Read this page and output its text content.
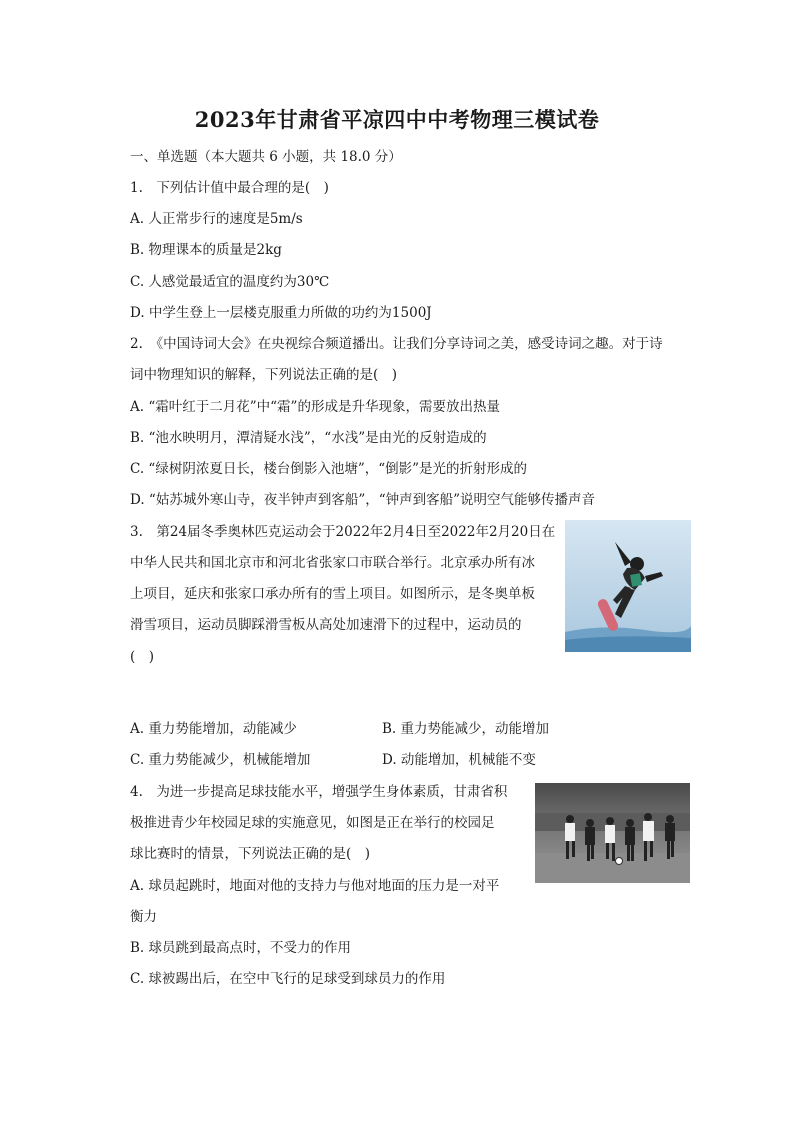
2023年甘肃省平凉四中中考物理三模试卷
一、单选题（本大题共 6 小题，共 18.0 分）
1.　下列估计值中最合理的是(　)
A. 人正常步行的速度是5m/s
B. 物理课本的质量是2kg
C. 人感觉最适宜的温度约为30℃
D. 中学生登上一层楼克服重力所做的功约为1500J
2.　《中国诗词大会》在央视综合频道播出。让我们分享诗词之美，感受诗词之趣。对于诗
词中物理知识的解释，下列说法正确的是(　)
A. “霜叶红于二月花”中“霜”的形成是升华现象，需要放出热量
B. “池水映明月，潭清疑水浅”，“水浅”是由光的反射造成的
C. “绿树阴浓夏日长，楼台倒影入池塘”，“倒影”是光的折射形成的
D. “姑苏城外寒山寺，夜半钟声到客船”，“钟声到客船”说明空气能够传播声音
3.　第24届冬季奥林匹克运动会于2022年2月4日至2022年2月20日在
中华人民共和国北京市和河北省张家口市联合举行。北京承办所有冰
上项目，延庆和张家口承办所有的雪上项目。如图所示，是冬奥单板
滑雪项目，运动员脚踩滑雪板从高处加速滑下的过程中，运动员的
(　)
A. 重力势能增加，动能减少	B. 重力势能减少，动能增加
C. 重力势能减少，机械能增加	D. 动能增加，机械能不变
4.　为进一步提高足球技能水平，增强学生身体素质，甘肃省积
极推进青少年校园足球的实施意见，如图是正在举行的校园足
球比赛时的情景，下列说法正确的是(　)
A. 球员起跳时，地面对他的支持力与他对地面的压力是一对平
衡力
B. 球员跳到最高点时，不受力的作用
C. 球被踢出后，在空中飞行的足球受到球员力的作用
